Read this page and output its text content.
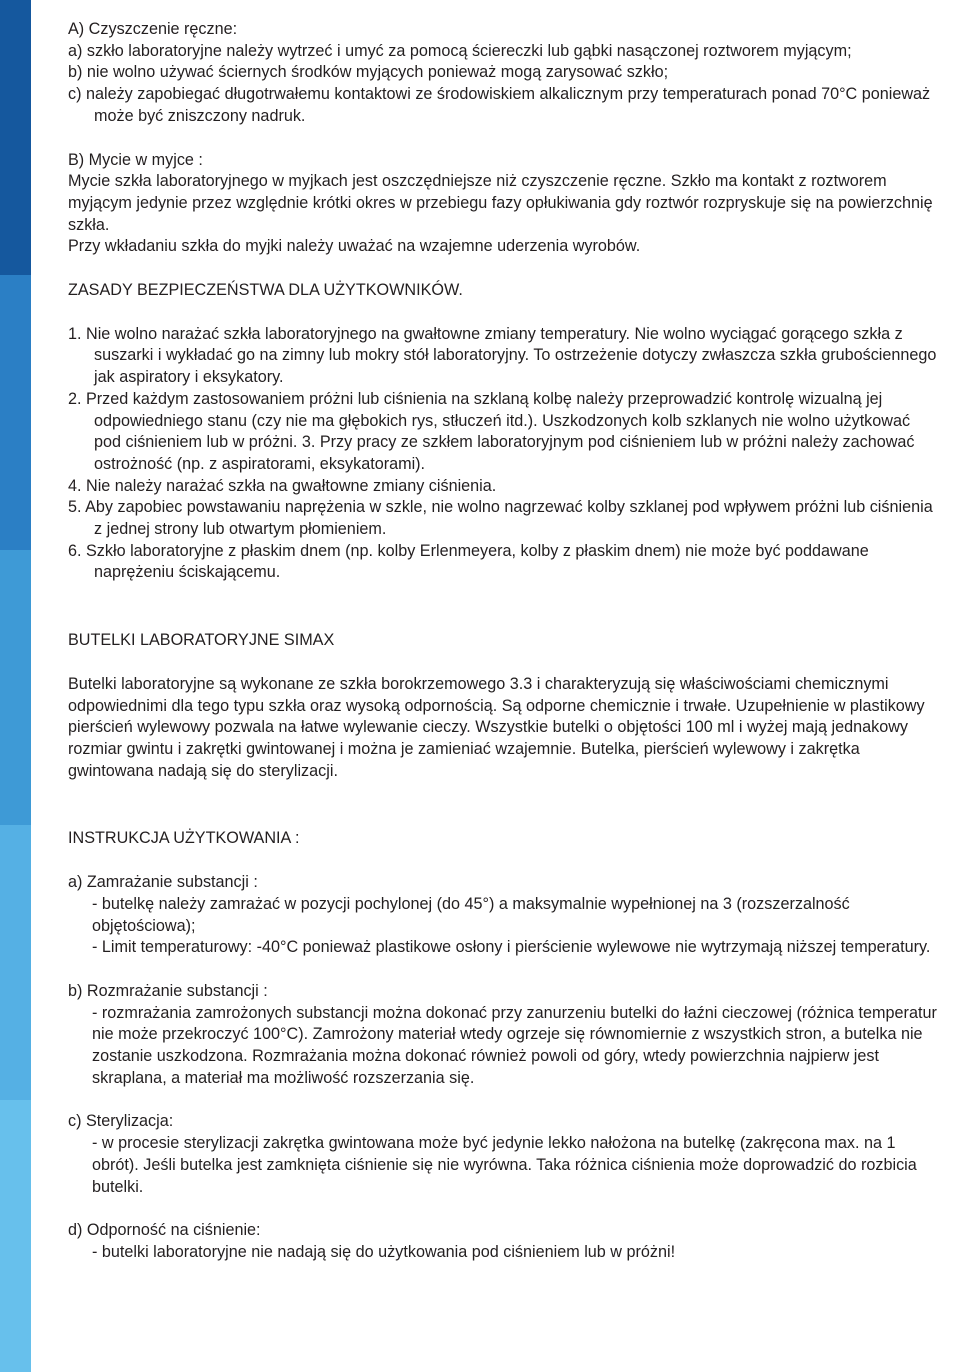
A) Czyszczenie ręczne:

a) szkło laboratoryjne należy wytrzeć i umyć za pomocą ściereczki lub gąbki nasączonej roztworem myjącym;

b) nie wolno używać ściernych środków myjących ponieważ mogą zarysować szkło;

c) należy zapobiegać długotrwałemu kontaktowi ze środowiskiem alkalicznym przy temperaturach ponad 70°C ponieważ może być zniszczony nadruk.

B) Mycie w myjce :

Mycie szkła laboratoryjnego w myjkach jest oszczędniejsze niż czyszczenie ręczne. Szkło ma kontakt z roztworem myjącym jedynie przez względnie krótki okres w przebiegu fazy opłukiwania gdy roztwór rozpryskuje się na powierzchnię szkła.

Przy wkładaniu szkła do myjki należy uważać na wzajemne uderzenia wyrobów.

ZASADY BEZPIECZEŃSTWA DLA UŻYTKOWNIKÓW.

1. Nie wolno narażać szkła laboratoryjnego na gwałtowne zmiany temperatury. Nie wolno wyciągać gorącego szkła z suszarki i wykładać go na zimny lub mokry stół laboratoryjny. To ostrzeżenie dotyczy zwłaszcza szkła grubościennego jak aspiratory i eksykatory.

2. Przed każdym zastosowaniem próżni lub ciśnienia na szklaną kolbę należy przeprowadzić kontrolę wizualną jej odpowiedniego stanu (czy nie ma głębokich rys, stłuczeń itd.). Uszkodzonych kolb szklanych nie wolno użytkować pod ciśnieniem lub w próżni. 3. Przy pracy ze szkłem laboratoryjnym pod ciśnieniem lub w próżni należy zachować ostrożność (np. z aspiratorami, eksykatorami).

4. Nie należy narażać szkła na gwałtowne zmiany ciśnienia.

5. Aby zapobiec powstawaniu naprężenia w szkle, nie wolno nagrzewać kolby szklanej pod wpływem próżni lub ciśnienia z jednej strony lub otwartym płomieniem.

6. Szkło laboratoryjne z płaskim dnem (np. kolby Erlenmeyera, kolby z płaskim dnem) nie może być poddawane naprężeniu ściskającemu.

BUTELKI LABORATORYJNE SIMAX

Butelki laboratoryjne są wykonane ze szkła borokrzemowego 3.3 i charakteryzują się właściwościami chemicznymi odpowiednimi dla tego typu szkła oraz wysoką odpornością. Są odporne chemicznie i trwałe. Uzupełnienie w plastikowy pierścień wylewowy pozwala na łatwe wylewanie cieczy. Wszystkie butelki o objętości 100 ml i wyżej mają jednakowy rozmiar gwintu i zakrętki gwintowanej i można je zamieniać wzajemnie. Butelka, pierścień wylewowy i zakrętka gwintowana nadają się do sterylizacji.

INSTRUKCJA UŻYTKOWANIA :

a) Zamrażanie substancji :

- butelkę należy zamrażać w pozycji pochylonej (do 45°) a maksymalnie wypełnionej na 3 (rozszerzalność objętościowa);

- Limit temperaturowy: -40°C ponieważ plastikowe osłony i pierścienie wylewowe nie wytrzymają niższej temperatury.

b) Rozmrażanie substancji :

- rozmrażania zamrożonych substancji można dokonać przy zanurzeniu butelki do łaźni cieczowej (różnica temperatur nie może przekroczyć 100°C). Zamrożony materiał wtedy ogrzeje się równomiernie z wszystkich stron, a butelka nie zostanie uszkodzona. Rozmrażania można dokonać również powoli od góry, wtedy powierzchnia najpierw jest skraplana, a materiał ma możliwość rozszerzania się.

c) Sterylizacja:

- w procesie sterylizacji zakrętka gwintowana może być jedynie lekko nałożona na butelkę (zakręcona max. na 1 obrót). Jeśli butelka jest zamknięta ciśnienie się nie wyrówna. Taka różnica ciśnienia może doprowadzić do rozbicia butelki.

d) Odporność na ciśnienie:

- butelki laboratoryjne nie nadają się do użytkowania pod ciśnieniem lub w próżni!
